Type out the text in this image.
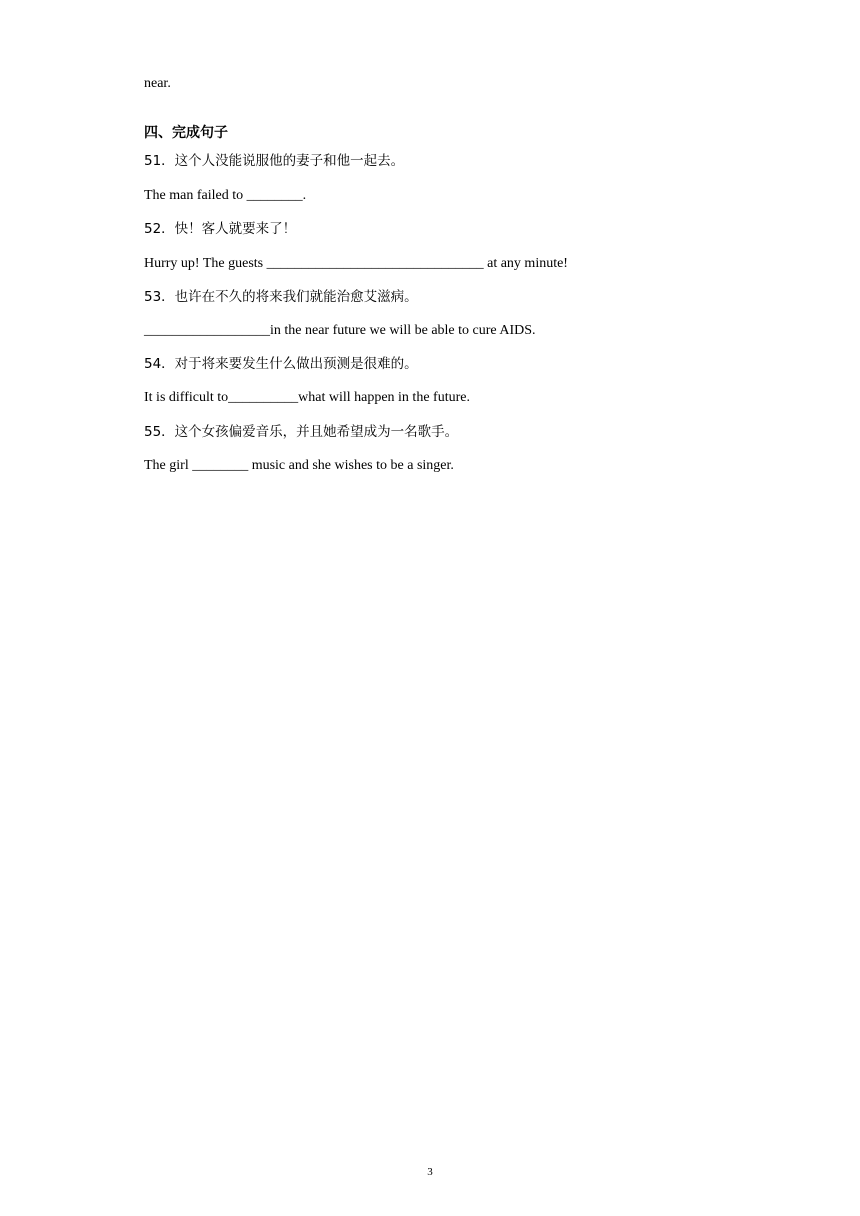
near.
四、完成句子
51．这个人没能说服他的妻子和他一起去。
The man failed to ________.
52．快！客人就要来了！
Hurry up! The guests _______________________________ at any minute!
53．也许在不久的将来我们就能治愈艾滋病。
__________________in the near future we will be able to cure AIDS.
54．对于将来要发生什么做出预测是很难的。
It is difficult to__________what will happen in the future.
55．这个女孩偏爱音乐，并且她希望成为一名歌手。
The girl ________ music and she wishes to be a singer.
3
